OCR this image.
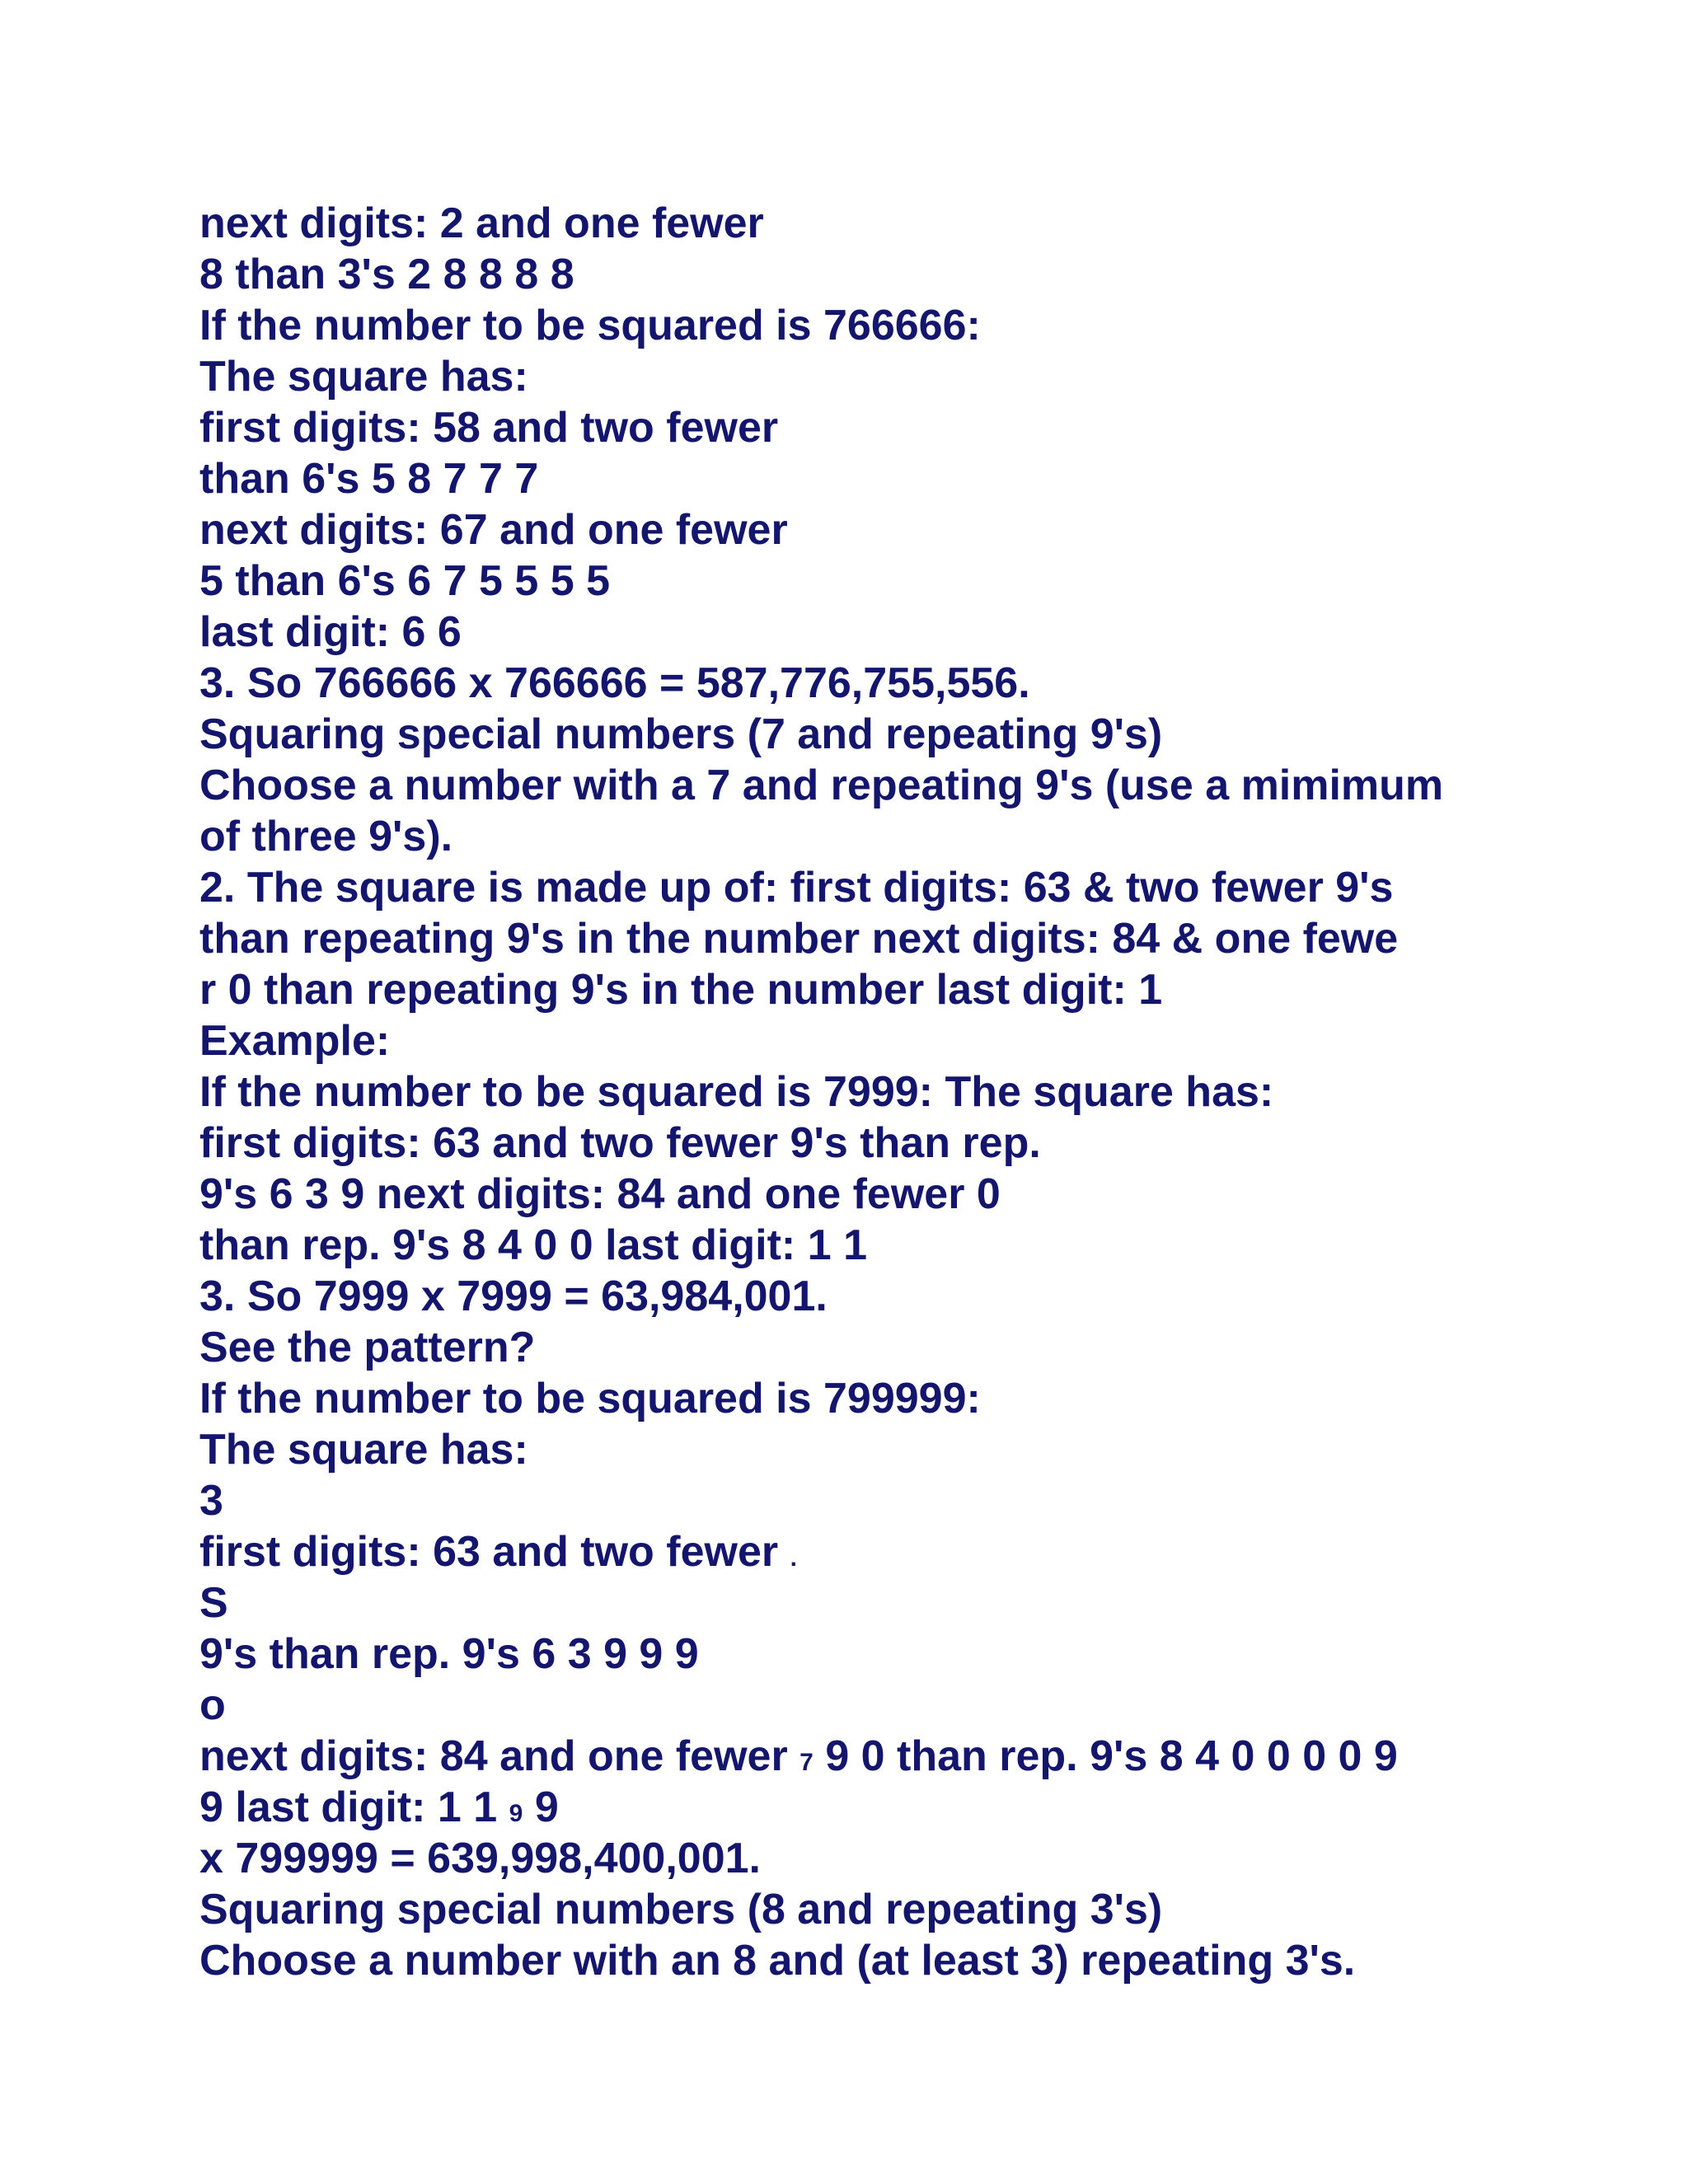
next digits: 2 and one fewer
8 than 3's 2 8 8 8 8
If the number to be squared is 766666:
The square has:
first digits: 58 and two fewer
than 6's 5 8 7 7 7
next digits: 67 and one fewer
5 than 6's 6 7 5 5 5 5
last digit: 6 6
3. So 766666 x 766666 = 587,776,755,556.
Squaring special numbers (7 and repeating 9's)
Choose a number with a 7 and repeating 9's (use a mimimum
of three 9's).
2. The square is made up of: first digits: 63 & two fewer 9's
than repeating 9's in the number next digits: 84 & one fewe
r 0 than repeating 9's in the number last digit: 1
Example:
If the number to be squared is 7999: The square has:
first digits: 63 and two fewer 9's than rep.
9's 6 3 9 next digits: 84 and one fewer 0
than rep. 9's 8 4 0 0 last digit: 1 1
3. So 7999 x 7999 = 63,984,001.
See the pattern?
If the number to be squared is 799999:
The square has:
3
first digits: 63 and two fewer .
S
9's than rep. 9's 6 3 9 9 9
o
next digits: 84 and one fewer 7 9 0 than rep. 9's 8 4 0 0 0 0 9
9 last digit: 1 1 9 9
x 799999 = 639,998,400,001.
Squaring special numbers (8 and repeating 3's)
Choose a number with an 8 and (at least 3) repeating 3's.
